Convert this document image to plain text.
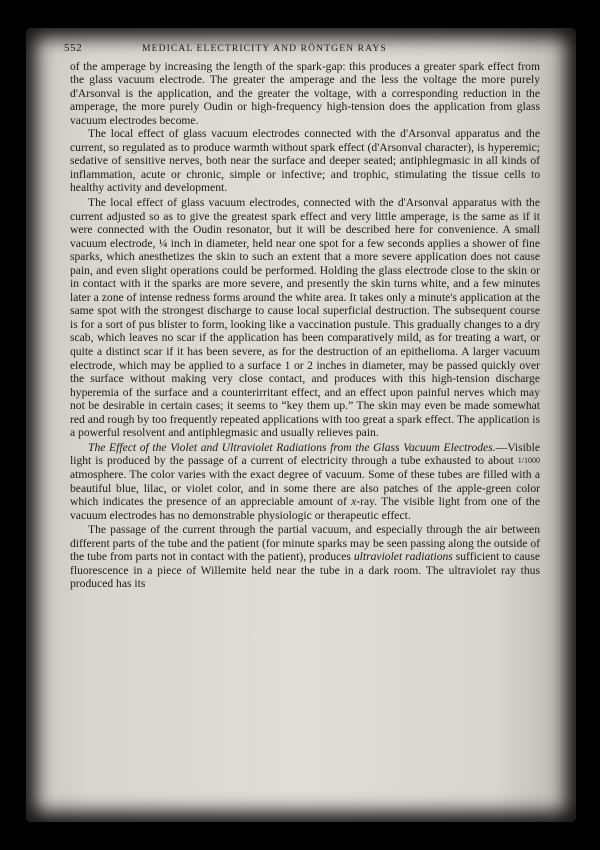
552	MEDICAL ELECTRICITY AND RÖNTGEN RAYS

of the amperage by increasing the length of the spark-gap: this produces a greater spark effect from the glass vacuum electrode. The greater the amperage and the less the voltage the more purely d'Arsonval is the application, and the greater the voltage, with a corresponding reduction in the amperage, the more purely Oudin or high-frequency high-tension does the application from glass vacuum electrodes become.

The local effect of glass vacuum electrodes connected with the d'Arsonval apparatus and the current, so regulated as to produce warmth without spark effect (d'Arsonval character), is hyperemic; sedative of sensitive nerves, both near the surface and deeper seated; antiphlegmasic in all kinds of inflammation, acute or chronic, simple or infective; and trophic, stimulating the tissue cells to healthy activity and development.

The local effect of glass vacuum electrodes, connected with the d'Arsonval apparatus with the current adjusted so as to give the greatest spark effect and very little amperage, is the same as if it were connected with the Oudin resonator, but it will be described here for convenience. A small vacuum electrode, ¼ inch in diameter, held near one spot for a few seconds applies a shower of fine sparks, which anesthetizes the skin to such an extent that a more severe application does not cause pain, and even slight operations could be performed. Holding the glass electrode close to the skin or in contact with it the sparks are more severe, and presently the skin turns white, and a few minutes later a zone of intense redness forms around the white area. It takes only a minute's application at the same spot with the strongest discharge to cause local superficial destruction. The subsequent course is for a sort of pus blister to form, looking like a vaccination pustule. This gradually changes to a dry scab, which leaves no scar if the application has been comparatively mild, as for treating a wart, or quite a distinct scar if it has been severe, as for the destruction of an epithelioma. A larger vacuum electrode, which may be applied to a surface 1 or 2 inches in diameter, may be passed quickly over the surface without making very close contact, and produces with this high-tension discharge hyperemia of the surface and a counterirritant effect, and an effect upon painful nerves which may not be desirable in certain cases; it seems to “key them up.” The skin may even be made somewhat red and rough by too frequently repeated applications with too great a spark effect. The application is a powerful resolvent and antiphlegmasic and usually relieves pain.

The Effect of the Violet and Ultraviolet Radiations from the Glass Vacuum Electrodes.—Visible light is produced by the passage of a current of electricity through a tube exhausted to about 1/1000 atmosphere. The color varies with the exact degree of vacuum. Some of these tubes are filled with a beautiful blue, lilac, or violet color, and in some there are also patches of the apple-green color which indicates the presence of an appreciable amount of x-ray. The visible light from one of the vacuum electrodes has no demonstrable physiologic or therapeutic effect.

The passage of the current through the partial vacuum, and especially through the air between different parts of the tube and the patient (for minute sparks may be seen passing along the outside of the tube from parts not in contact with the patient), produces ultraviolet radiations sufficient to cause fluorescence in a piece of Willemite held near the tube in a dark room. The ultraviolet ray thus produced has its
